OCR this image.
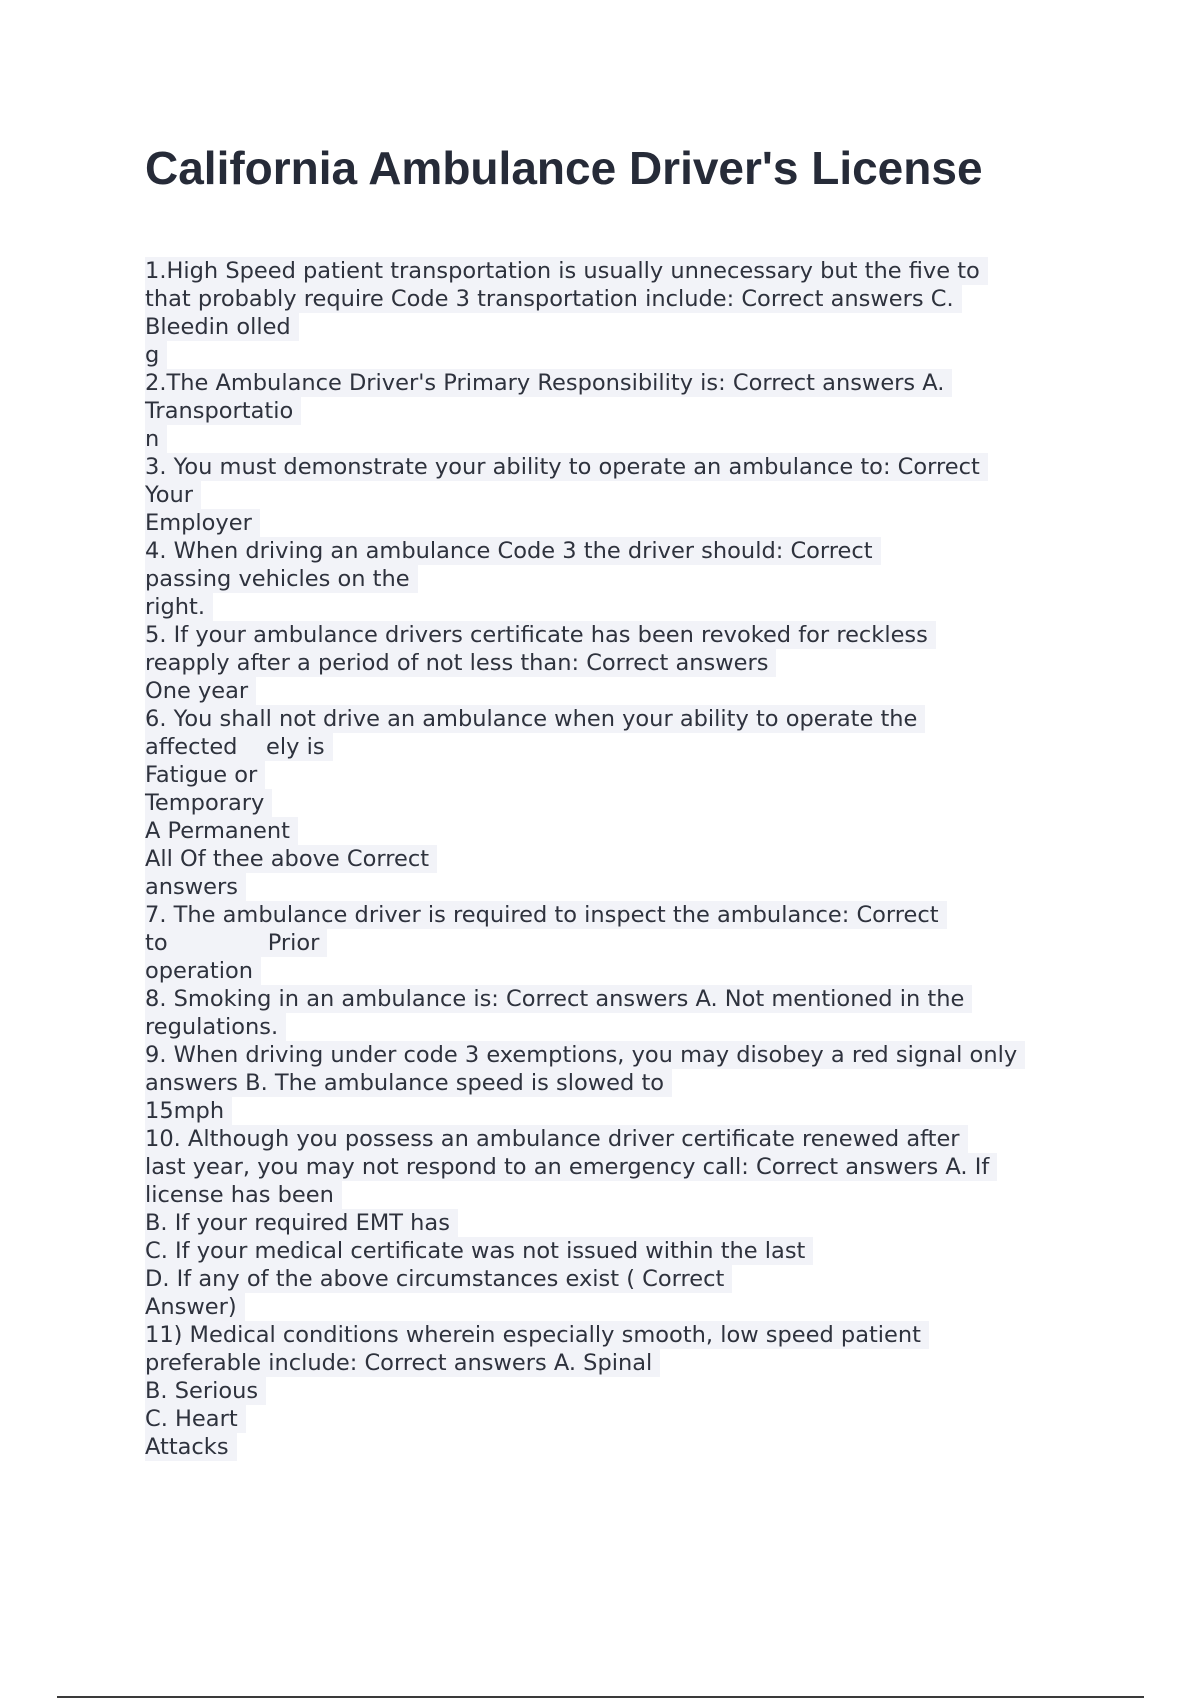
California Ambulance Driver's License
1.High Speed patient transportation is usually unnecessary but the five to
that probably require Code 3 transportation include: Correct answers C.
Bleedin olled
g
2.The Ambulance Driver's Primary Responsibility is: Correct answers A.
Transportatio
n
3. You must demonstrate your ability to operate an ambulance to: Correct
Your
Employer
4. When driving an ambulance Code 3 the driver should: Correct
passing vehicles on the
right.
5. If your ambulance drivers certificate has been revoked for reckless
reapply after a period of not less than: Correct answers
One year
6. You shall not drive an ambulance when your ability to operate the
affected    ely is
Fatigue or
Temporary
A Permanent
All Of thee above Correct
answers
7. The ambulance driver is required to inspect the ambulance: Correct
to              Prior
operation
8. Smoking in an ambulance is: Correct answers A. Not mentioned in the
regulations.
9. When driving under code 3 exemptions, you may disobey a red signal only
answers B. The ambulance speed is slowed to
15mph
10. Although you possess an ambulance driver certificate renewed after
last year, you may not respond to an emergency call: Correct answers A. If
license has been
B. If your required EMT has
C. If your medical certificate was not issued within the last
D. If any of the above circumstances exist ( Correct
Answer)
11) Medical conditions wherein especially smooth, low speed patient
preferable include: Correct answers A. Spinal
B. Serious
C. Heart
Attacks
